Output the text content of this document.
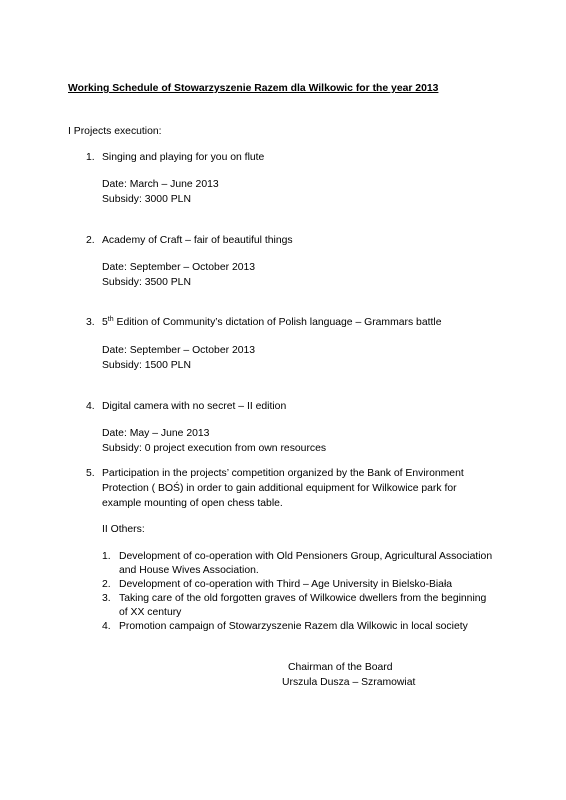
Working Schedule of Stowarzyszenie Razem dla Wilkowic for the year 2013
I Projects execution:
1. Singing and playing for you on flute
Date: March – June 2013
Subsidy: 3000 PLN
2. Academy of Craft – fair of beautiful things
Date: September – October 2013
Subsidy: 3500 PLN
3. 5th Edition of Community’s dictation of Polish language – Grammars battle
Date: September – October 2013
Subsidy: 1500 PLN
4. Digital camera with no secret – II edition
Date: May – June 2013
Subsidy: 0 project execution from own resources
5. Participation in the projects’ competition organized by the Bank of Environment
Protection ( BOŚ) in order to gain additional equipment for Wilkowice park for
example mounting of open chess table.
II Others:
1. Development of co-operation with Old Pensioners Group, Agricultural Association
and House Wives Association.
2. Development of co-operation with Third – Age University in Bielsko-Biała
3. Taking care of the old forgotten graves of Wilkowice dwellers from the beginning
of XX century
4. Promotion campaign of Stowarzyszenie Razem dla Wilkowic in local society
Chairman of the Board
Urszula Dusza – Szramowiat
